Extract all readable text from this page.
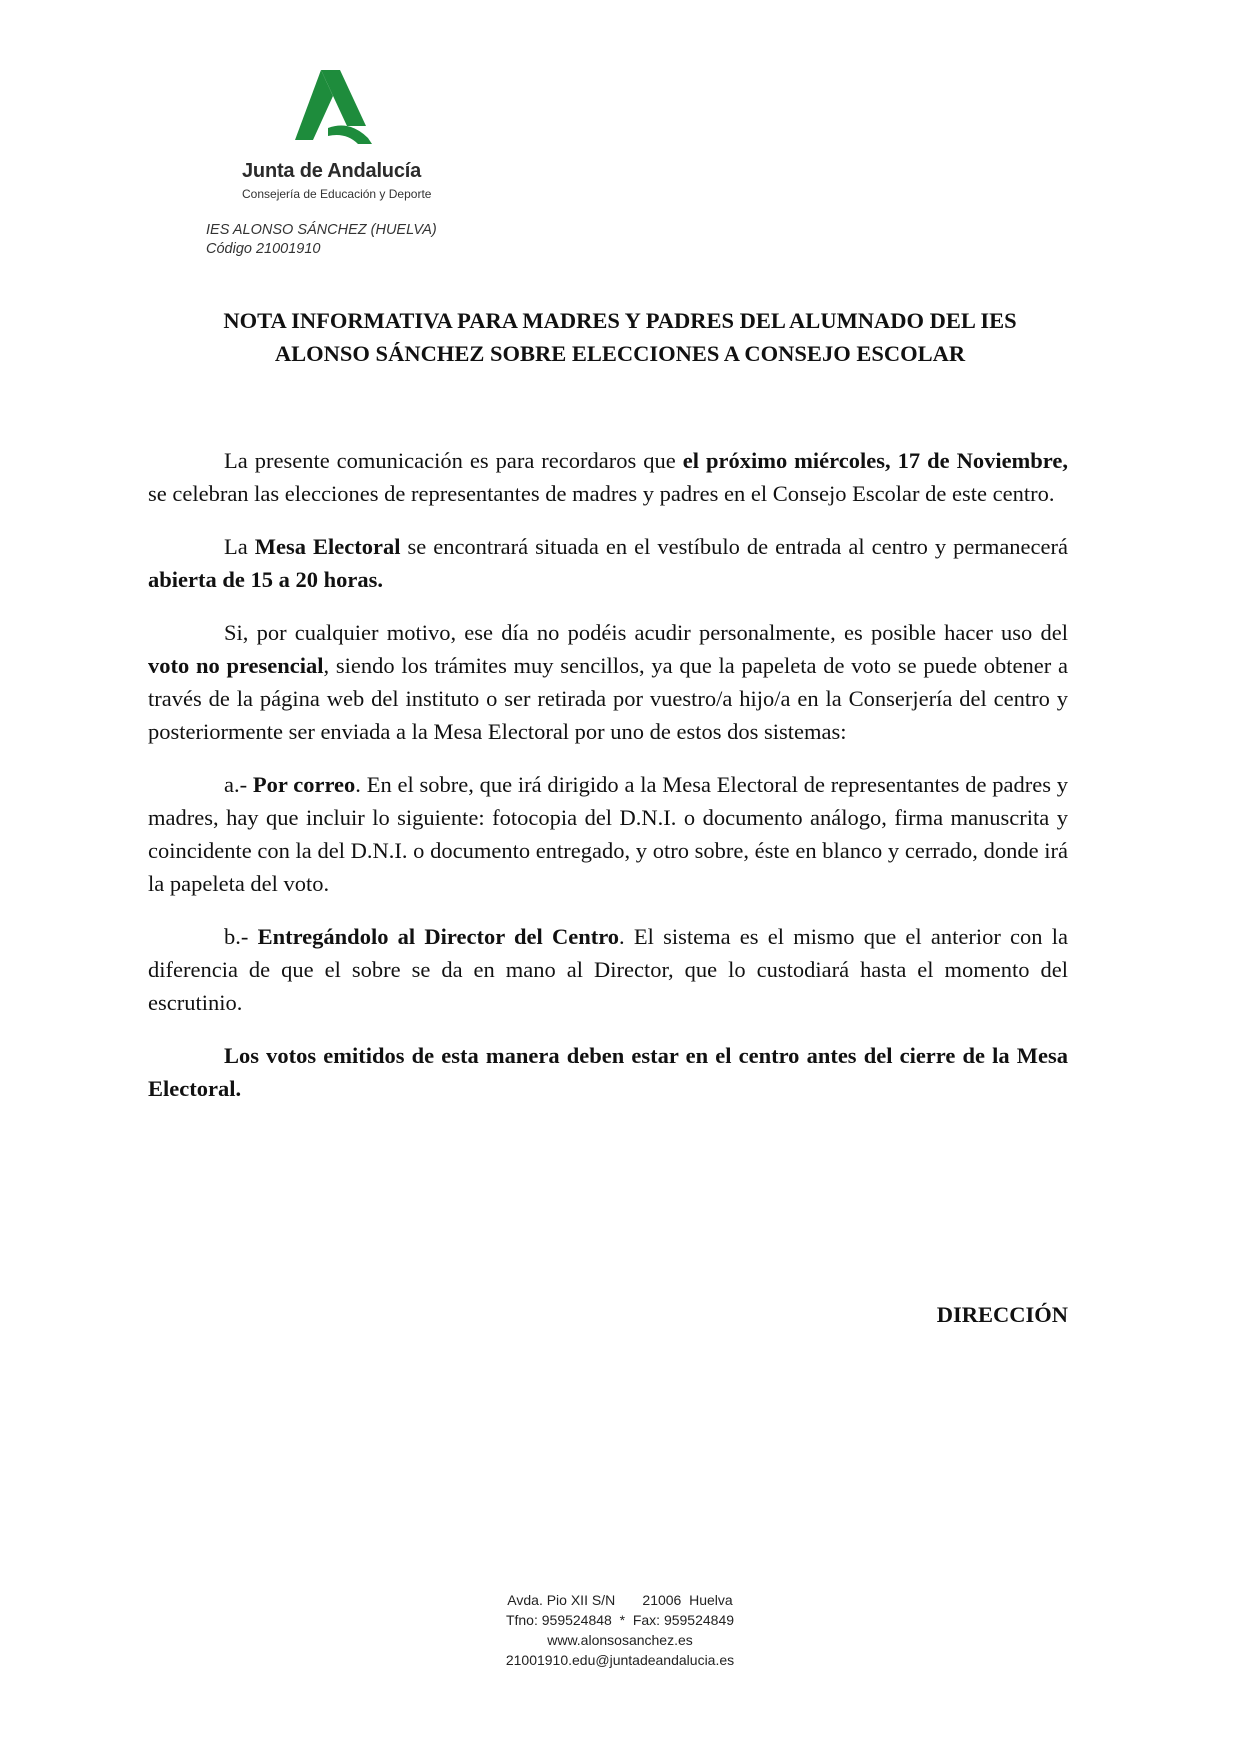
Junta de Andalucía
Consejería de Educación y Deporte
IES ALONSO SÁNCHEZ (HUELVA)
Código 21001910
NOTA INFORMATIVA PARA MADRES Y PADRES DEL ALUMNADO DEL IES
ALONSO SÁNCHEZ SOBRE ELECCIONES A CONSEJO ESCOLAR

La presente comunicación es para recordaros que el próximo miércoles, 17 de Noviembre, se celebran las elecciones de representantes de madres y padres en el Consejo Escolar de este centro.

La Mesa Electoral se encontrará situada en el vestíbulo de entrada al centro y permanecerá abierta de 15 a 20 horas.

Si, por cualquier motivo, ese día no podéis acudir personalmente, es posible hacer uso del voto no presencial, siendo los trámites muy sencillos, ya que la papeleta de voto se puede obtener a través de la página web del instituto o ser retirada por vuestro/a hijo/a en la Conserjería del centro y posteriormente ser enviada a la Mesa Electoral por uno de estos dos sistemas:

a.- Por correo. En el sobre, que irá dirigido a la Mesa Electoral de representantes de padres y madres, hay que incluir lo siguiente: fotocopia del D.N.I. o documento análogo, firma manuscrita y coincidente con la del D.N.I. o documento entregado, y otro sobre, éste en blanco y cerrado, donde irá la papeleta del voto.

b.- Entregándolo al Director del Centro. El sistema es el mismo que el anterior con la diferencia de que el sobre se da en mano al Director, que lo custodiará hasta el momento del escrutinio.

Los votos emitidos de esta manera deben estar en el centro antes del cierre de la Mesa Electoral.

DIRECCIÓN
Avda. Pio XII S/N       21006  Huelva
Tfno: 959524848  *  Fax: 959524849
www.alonsosanchez.es
21001910.edu@juntadeandalucia.es
